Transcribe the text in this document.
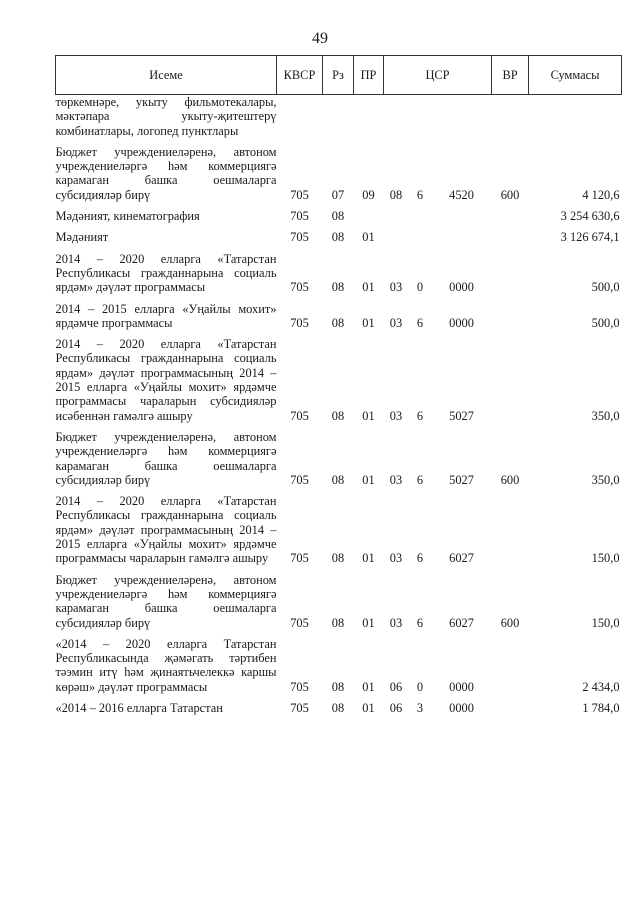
49
Исеме	КВСР	Рз	ПР	ЦСР			ВР	Суммасы
төркемнәре, укыту фильмотекалары, мәктәпара укыту-җитештерү комбинатлары, логопед пунктлары								
Бюджет учреждениеләренә, автоном учреждениеләргә һәм коммерциягә карамаган башка оешмаларга субсидияләр бирү	705	07	09	08	6	4520	600	4 120,6
Мәдәният, кинематография	705	08						3 254 630,6
Мәдәният	705	08	01					3 126 674,1
2014 – 2020 елларга «Татарстан Республикасы гражданнарына социаль ярдәм» дәүләт программасы	705	08	01	03	0	0000		500,0
2014 – 2015 елларга «Уңайлы мохит» ярдәмче программасы	705	08	01	03	6	0000		500,0
2014 – 2020 елларга «Татарстан Республикасы гражданнарына социаль ярдәм» дәүләт программасының 2014 – 2015 елларга «Уңайлы мохит» ярдәмче программасы чараларын субсидияләр исәбеннән гамәлгә ашыру	705	08	01	03	6	5027		350,0
Бюджет учреждениеләренә, автоном учреждениеләргә һәм коммерциягә карамаган башка оешмаларга субсидияләр бирү	705	08	01	03	6	5027	600	350,0
2014 – 2020 елларга «Татарстан Республикасы гражданнарына социаль ярдәм» дәүләт программасының 2014 – 2015 елларга «Уңайлы мохит» ярдәмче программасы чараларын гамәлгә ашыру	705	08	01	03	6	6027		150,0
Бюджет учреждениеләренә, автоном учреждениеләргә һәм коммерциягә карамаган башка оешмаларга субсидияләр бирү	705	08	01	03	6	6027	600	150,0
«2014 – 2020 елларга Татарстан Республикасында җәмәгать тәртибен тәэмин итү һәм җинаятьчелеккә каршы көрәш» дәүләт программасы	705	08	01	06	0	0000		2 434,0
«2014 – 2016 елларга Татарстан	705	08	01	06	3	0000		1 784,0
